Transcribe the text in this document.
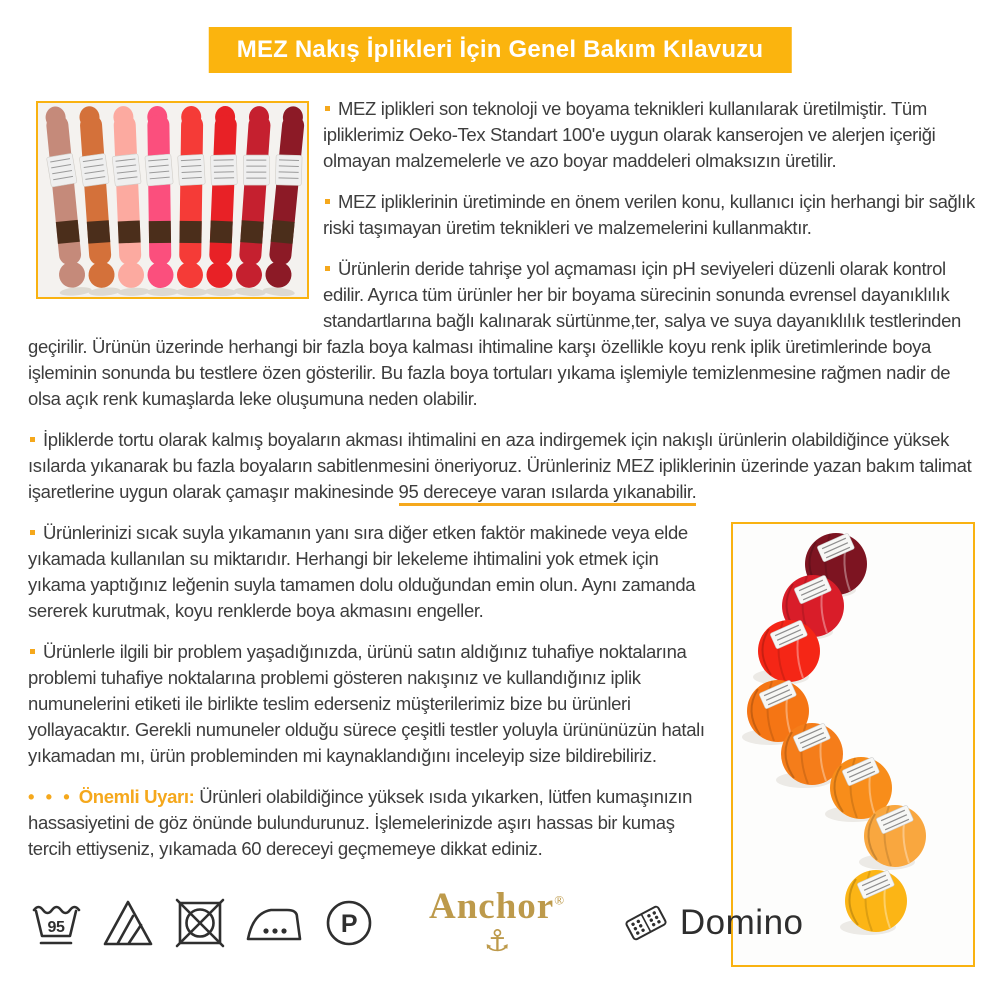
MEZ Nakış İplikleri İçin Genel Bakım Kılavuzu

MEZ iplikleri son teknoloji ve boyama teknikleri kullanılarak üretilmiştir. Tüm ipliklerimiz Oeko-Tex Standart 100'e uygun olarak kanserojen ve alerjen içeriği olmayan malzemelerle ve azo boyar maddeleri olmaksızın üretilir.

MEZ ipliklerinin üretiminde en önem verilen konu, kullanıcı için herhangi bir sağlık riski taşımayan üretim teknikleri ve malzemelerini kullanmaktır.

Ürünlerin deride tahrişe yol açmaması için pH seviyeleri düzenli olarak kontrol edilir. Ayrıca tüm ürünler her bir boyama sürecinin sonunda evrensel dayanıklılık standartlarına bağlı kalınarak sürtünme,ter, salya ve suya dayanıklılık testlerinden geçirilir. Ürünün üzerinde herhangi bir fazla boya kalması ihtimaline karşı özellikle koyu renk iplik üretimlerinde boya işleminin sonunda bu testlere özen gösterilir. Bu fazla boya tortuları yıkama işlemiyle temizlenmesine rağmen nadir de olsa açık renk kumaşlarda leke oluşumuna neden olabilir.

İpliklerde tortu olarak kalmış boyaların akması ihtimalini en aza indirgemek için nakışlı ürünlerin olabildiğince yüksek ısılarda yıkanarak bu fazla boyaların sabitlenmesini öneriyoruz. Ürünleriniz MEZ ipliklerinin üzerinde yazan bakım talimat işaretlerine uygun olarak çamaşır makinesinde 95 dereceye varan ısılarda yıkanabilir.

Ürünlerinizi sıcak suyla yıkamanın yanı sıra diğer etken faktör makinede veya elde yıkamada kullanılan su miktarıdır. Herhangi bir lekeleme ihtimalini yok etmek için yıkama yaptığınız leğenin suyla tamamen dolu olduğundan emin olun. Aynı zamanda sererek kurutmak, koyu renklerde boya akmasını engeller.

Ürünlerle ilgili bir problem yaşadığınızda, ürünü satın aldığınız tuhafiye noktalarına problemi tuhafiye noktalarına problemi gösteren nakışınız ve kullandığınız iplik numunelerini etiketi ile birlikte teslim ederseniz müşterilerimiz bize bu ürünleri yollayacaktır. Gerekli numuneler olduğu sürece çeşitli testler yoluyla ürününüzün hatalı yıkamadan mı, ürün probleminden mi kaynaklandığını inceleyip size bildirebiliriz.

• • • Önemli Uyarı: Ürünleri olabildiğince yüksek ısıda yıkarken, lütfen kumaşınızın hassasiyetini de göz önünde bulundurunuz. İşlemelerinizde aşırı hassas bir kumaş tercih ettiyseniz, yıkamada 60 dereceyi geçmemeye dikkat ediniz.

95

	P
Anchor®
⚓
	Domino
